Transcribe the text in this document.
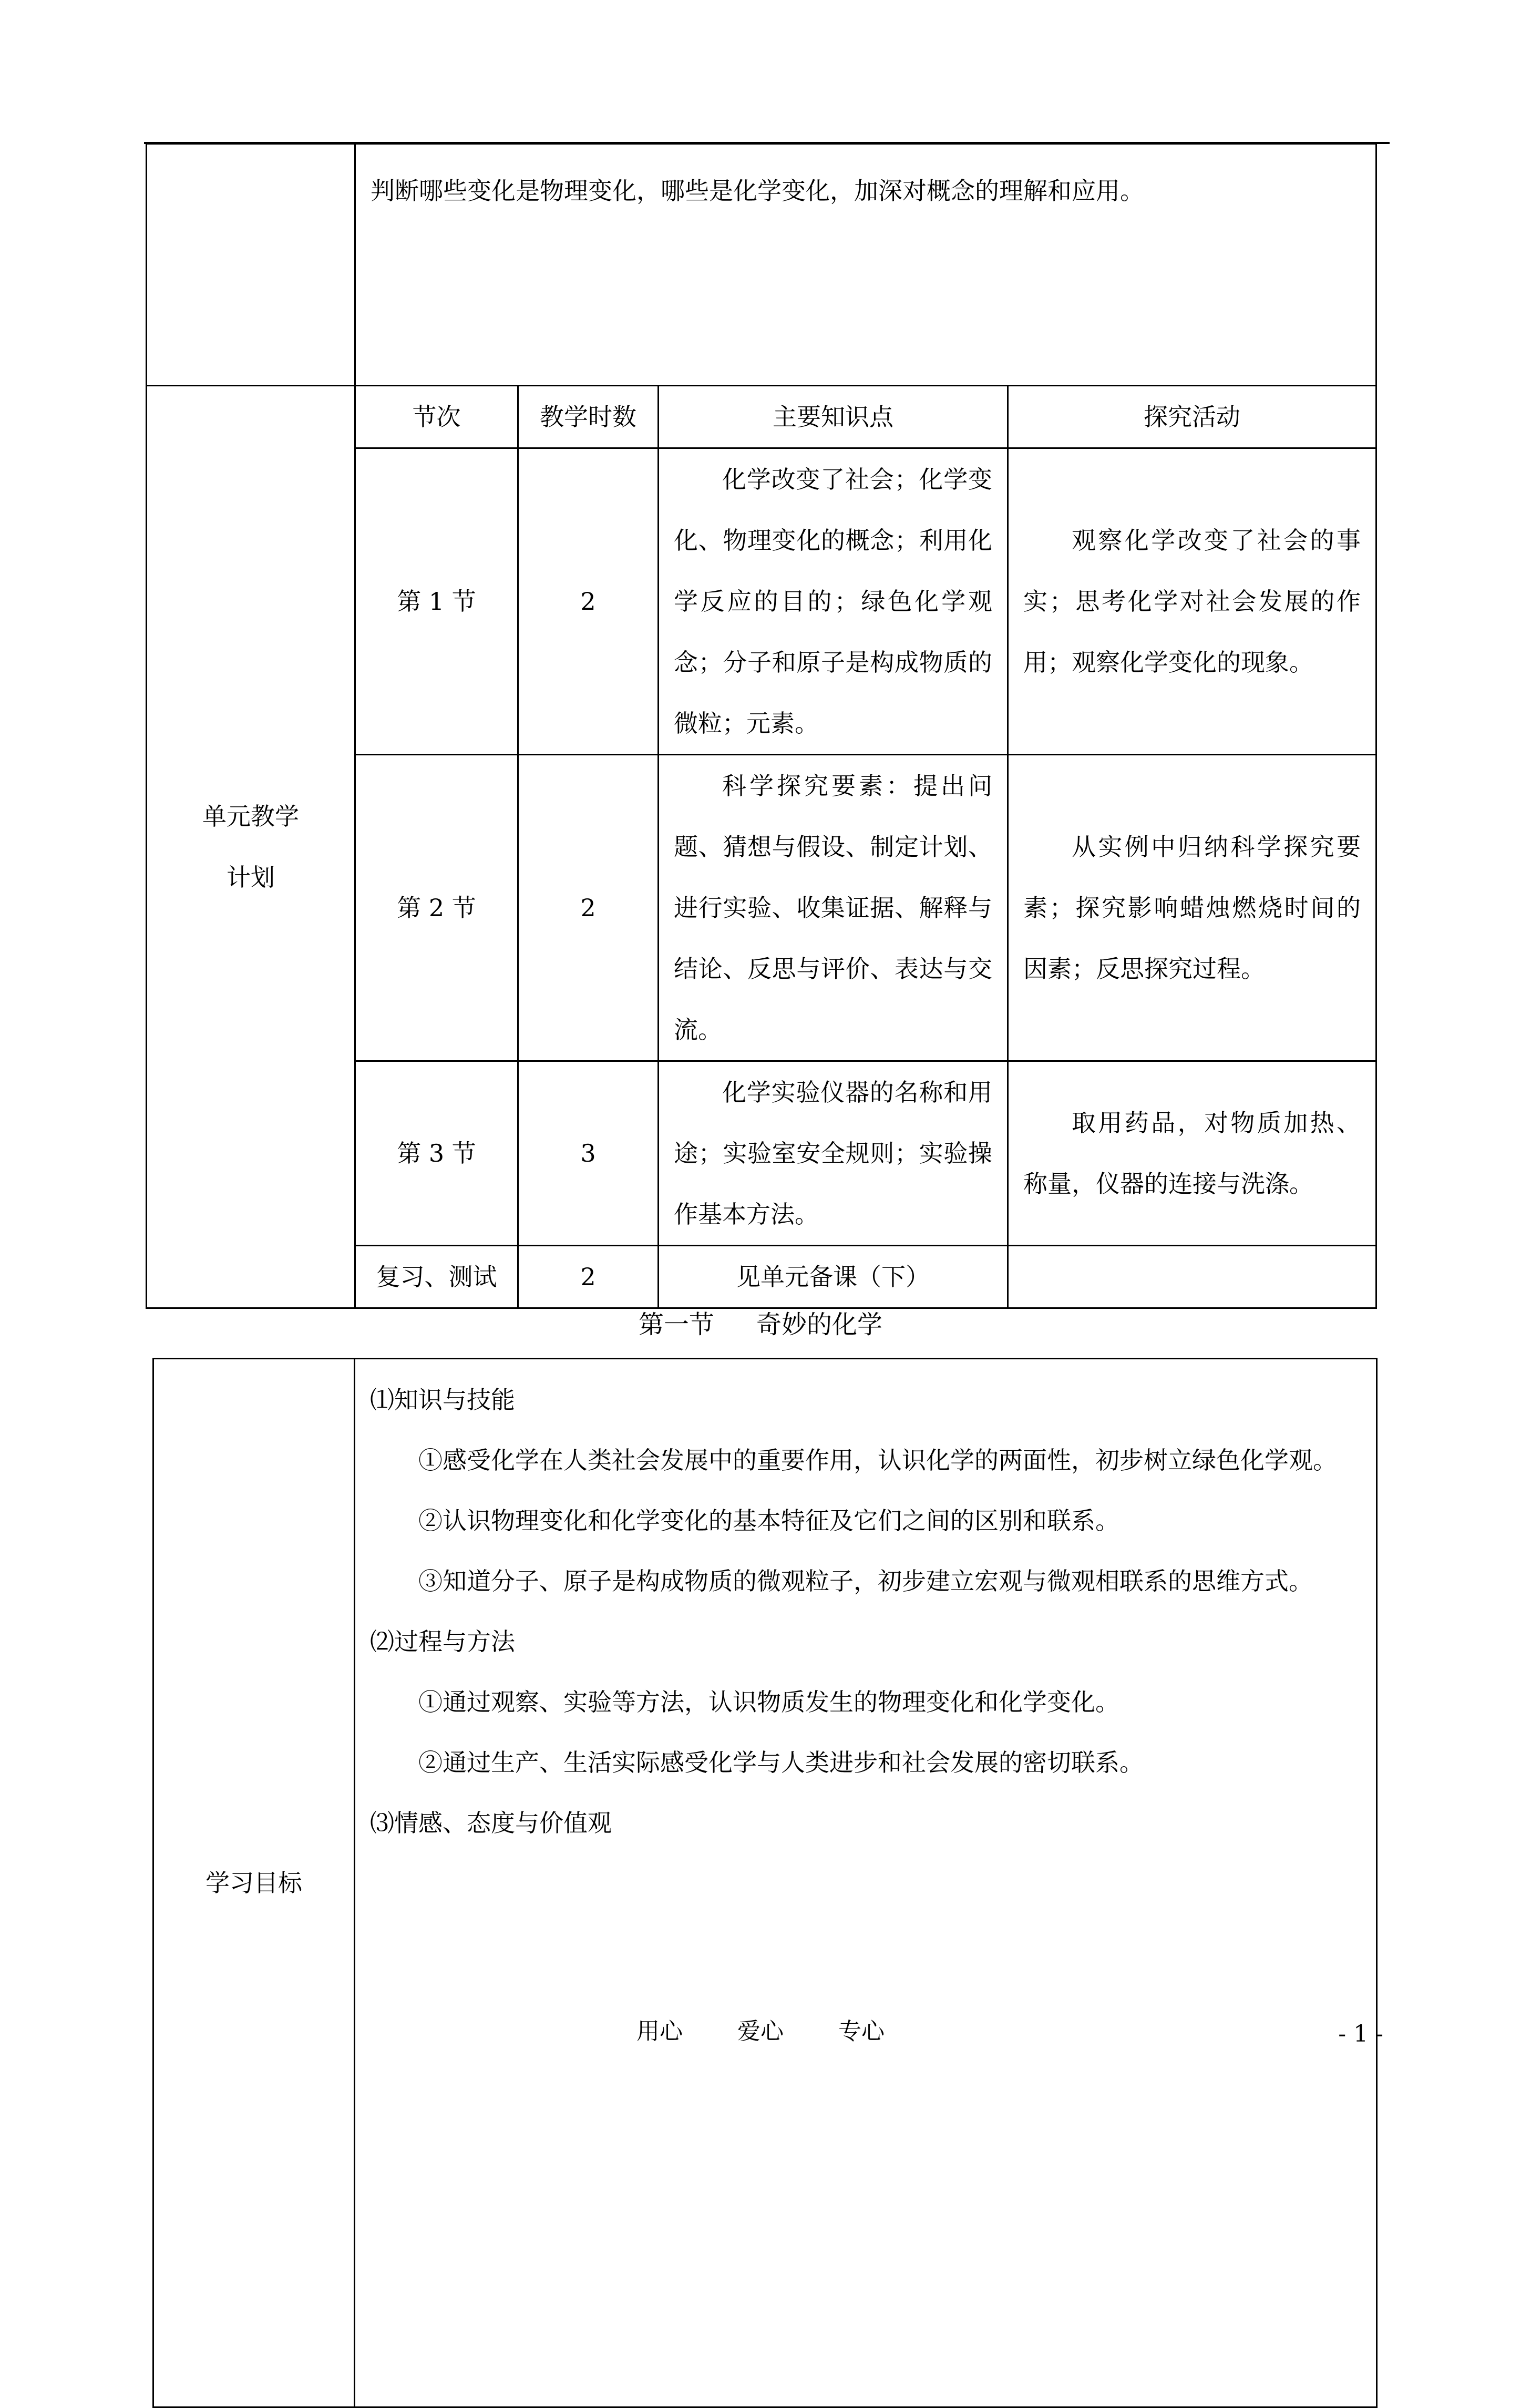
	判断哪些变化是物理变化，哪些是化学变化，加深对概念的理解和应用。			

单元教学计划	节次	教学时数	主要知识点	探究活动
	第 1 节	2	化学改变了社会；化学变化、物理变化的概念；利用化学反应的目的；绿色化学观念；分子和原子是构成物质的微粒；元素。	观察化学改变了社会的事实；思考化学对社会发展的作用；观察化学变化的现象。

	第 2 节	2	科学探究要素：提出问题、猜想与假设、制定计划、进行实验、收集证据、解释与结论、反思与评价、表达与交流。	从实例中归纳科学探究要素；探究影响蜡烛燃烧时间的因素；反思探究过程。

	第 3 节	3	化学实验仪器的名称和用途；实验室安全规则；实验操作基本方法。	取用药品，对物质加热、称量，仪器的连接与洗涤。

	复习、测试	2	见单元备课（下）	
第一节 奇妙的化学
学习目标	

⑴知识与技能

①感受化学在人类社会发展中的重要作用，认识化学的两面性，初步树立绿色化学观。

②认识物理变化和化学变化的基本特征及它们之间的区别和联系。

③知道分子、原子是构成物质的微观粒子，初步建立宏观与微观相联系的思维方式。

⑵过程与方法

①通过观察、实验等方法，认识物质发生的物理变化和化学变化。

②通过生产、生活实际感受化学与人类进步和社会发展的密切联系。

⑶情感、态度与价值观

用心 爱心 专心	- 1 -
